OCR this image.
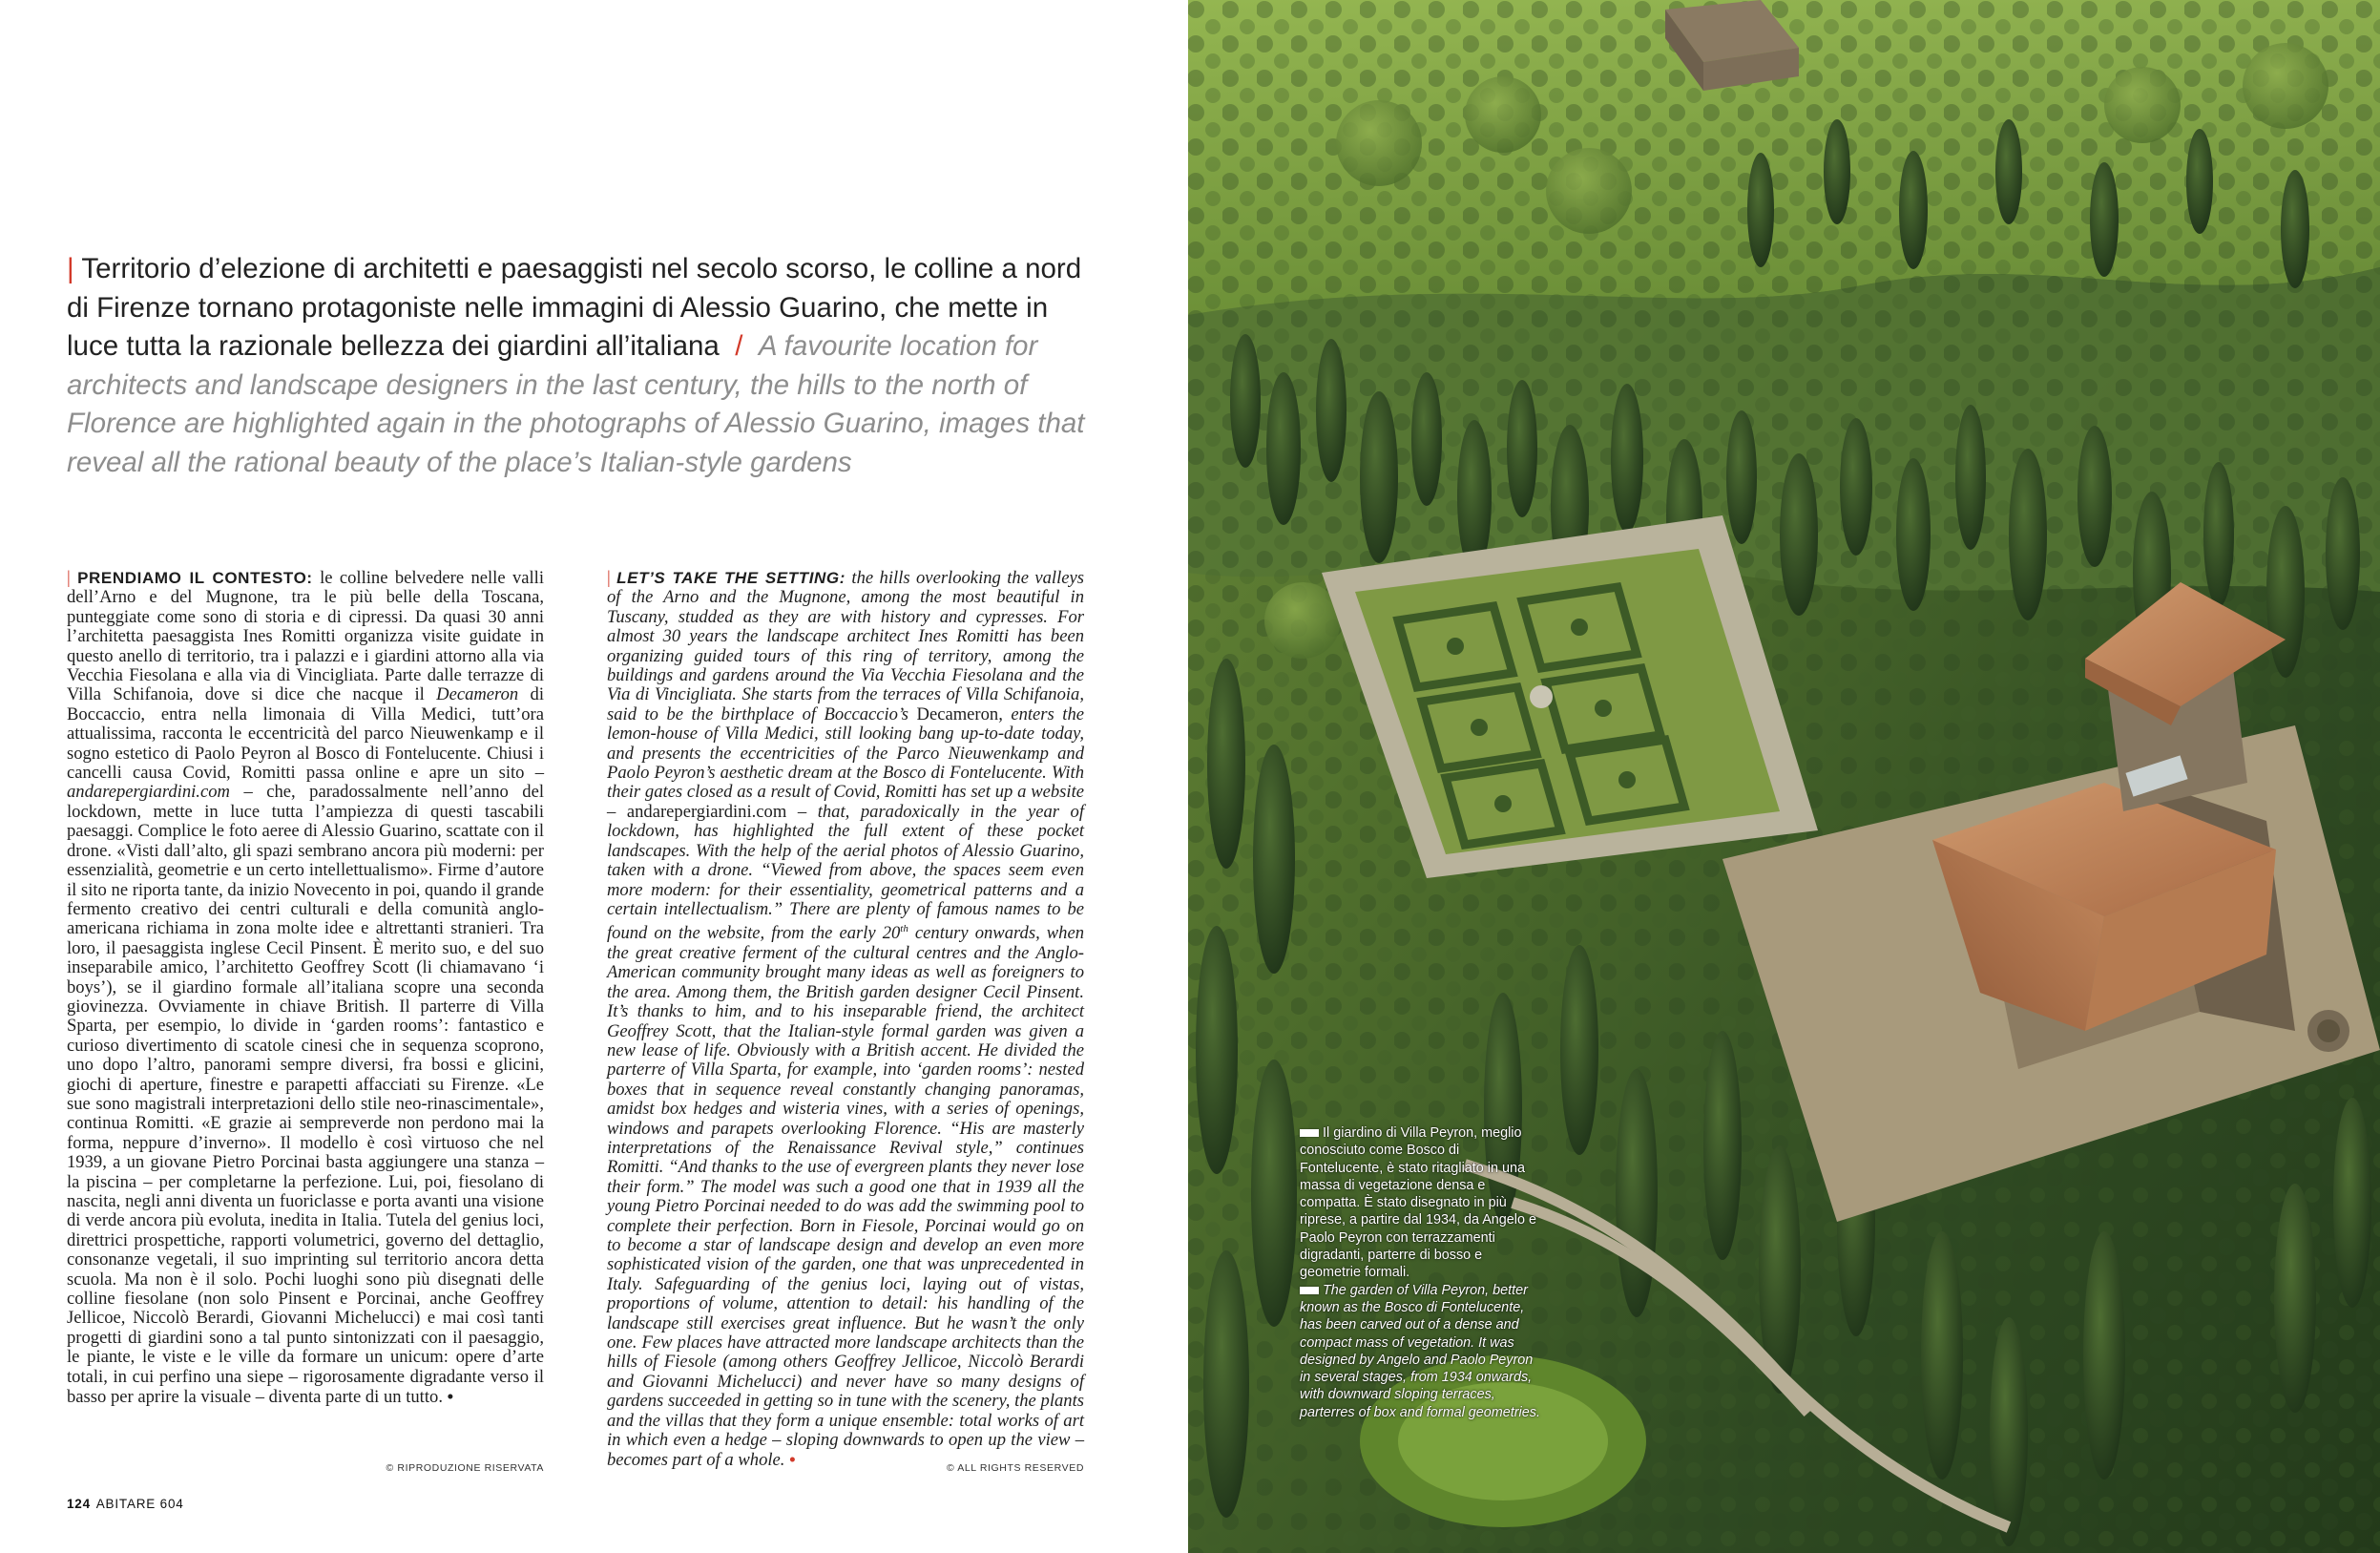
| Territorio d’elezione di architetti e paesaggisti nel secolo scorso, le colline a nord di Firenze tornano protagoniste nelle immagini di Alessio Guarino, che mette in luce tutta la razionale bellezza dei giardini all’italiana  /  A favourite location for architects and landscape designers in the last century, the hills to the north of Florence are highlighted again in the photographs of Alessio Guarino, images that reveal all the rational beauty of the place’s Italian-style gardens
| PRENDIAMO IL CONTESTO: le colline belvedere nelle valli dell’Arno e del Mugnone, tra le più belle della Toscana, punteggiate come sono di storia e di cipressi. Da quasi 30 anni l’architetta paesaggista Ines Romitti organizza visite guidate in questo anello di territorio, tra i palazzi e i giardini attorno alla via Vecchia Fiesolana e alla via di Vincigliata. Parte dalle terrazze di Villa Schifanoia, dove si dice che nacque il Decameron di Boccaccio, entra nella limonaia di Villa Medici, tutt’ora attualissima, racconta le eccentricità del parco Nieuwenkamp e il sogno estetico di Paolo Peyron al Bosco di Fontelucente. Chiusi i cancelli causa Covid, Romitti passa online e apre un sito – andarepergiardini.com – che, paradossalmente nell’anno del lockdown, mette in luce tutta l’ampiezza di questi tascabili paesaggi. Complice le foto aeree di Alessio Guarino, scattate con il drone. «Visti dall’alto, gli spazi sembrano ancora più moderni: per essenzialità, geometrie e un certo intellettualismo». Firme d’autore il sito ne riporta tante, da inizio Novecento in poi, quando il grande fermento creativo dei centri culturali e della comunità anglo-americana richiama in zona molte idee e altrettanti stranieri. Tra loro, il paesaggista inglese Cecil Pinsent. È merito suo, e del suo inseparabile amico, l’architetto Geoffrey Scott (li chiamavano ‘i boys’), se il giardino formale all’italiana scopre una seconda giovinezza. Ovviamente in chiave British. Il parterre di Villa Sparta, per esempio, lo divide in ‘garden rooms’: fantastico e curioso divertimento di scatole cinesi che in sequenza scoprono, uno dopo l’altro, panorami sempre diversi, fra bossi e glicini, giochi di aperture, finestre e parapetti affacciati su Firenze. «Le sue sono magistrali interpretazioni dello stile neo-rinascimentale», continua Romitti. «E grazie ai sempreverde non perdono mai la forma, neppure d’inverno». Il modello è così virtuoso che nel 1939, a un giovane Pietro Porcinai basta aggiungere una stanza – la piscina – per completarne la perfezione. Lui, poi, fiesolano di nascita, negli anni diventa un fuoriclasse e porta avanti una visione di verde ancora più evoluta, inedita in Italia. Tutela del genius loci, direttrici prospettiche, rapporti volumetrici, governo del dettaglio, consonanze vegetali, il suo imprinting sul territorio ancora detta scuola. Ma non è il solo. Pochi luoghi sono più disegnati delle colline fiesolane (non solo Pinsent e Porcinai, anche Geoffrey Jellicoe, Niccolò Berardi, Giovanni Michelucci) e mai così tanti progetti di giardini sono a tal punto sintonizzati con il paesaggio, le piante, le viste e le ville da formare un unicum: opere d’arte totali, in cui perfino una siepe – rigorosamente digradante verso il basso per aprire la visuale – diventa parte di un tutto. •
© RIPRODUZIONE RISERVATA
| LET’S TAKE THE SETTING: the hills overlooking the valleys of the Arno and the Mugnone, among the most beautiful in Tuscany, studded as they are with history and cypresses. For almost 30 years the landscape architect Ines Romitti has been organizing guided tours of this ring of territory, among the buildings and gardens around the Via Vecchia Fiesolana and the Via di Vincigliata. She starts from the terraces of Villa Schifanoia, said to be the birthplace of Boccaccio’s Decameron, enters the lemon-house of Villa Medici, still looking bang up-to-date today, and presents the eccentricities of the Parco Nieuwenkamp and Paolo Peyron’s aesthetic dream at the Bosco di Fontelucente. With their gates closed as a result of Covid, Romitti has set up a website – andarepergiardini.com – that, paradoxically in the year of lockdown, has highlighted the full extent of these pocket landscapes. With the help of the aerial photos of Alessio Guarino, taken with a drone. “Viewed from above, the spaces seem even more modern: for their essentiality, geometrical patterns and a certain intellectualism.” There are plenty of famous names to be found on the website, from the early 20th century onwards, when the great creative ferment of the cultural centres and the Anglo-American community brought many ideas as well as foreigners to the area. Among them, the British garden designer Cecil Pinsent. It’s thanks to him, and to his inseparable friend, the architect Geoffrey Scott, that the Italian-style formal garden was given a new lease of life. Obviously with a British accent. He divided the parterre of Villa Sparta, for example, into ‘garden rooms’: nested boxes that in sequence reveal constantly changing panoramas, amidst box hedges and wisteria vines, with a series of openings, windows and parapets overlooking Florence. “His are masterly interpretations of the Renaissance Revival style,” continues Romitti. “And thanks to the use of evergreen plants they never lose their form.” The model was such a good one that in 1939 all the young Pietro Porcinai needed to do was add the swimming pool to complete their perfection. Born in Fiesole, Porcinai would go on to become a star of landscape design and develop an even more sophisticated vision of the garden, one that was unprecedented in Italy. Safeguarding of the genius loci, laying out of vistas, proportions of volume, attention to detail: his handling of the landscape still exercises great influence. But he wasn’t the only one. Few places have attracted more landscape architects than the hills of Fiesole (among others Geoffrey Jellicoe, Niccolò Berardi and Giovanni Michelucci) and never have so many designs of gardens succeeded in getting so in tune with the scenery, the plants and the villas that they form a unique ensemble: total works of art in which even a hedge – sloping downwards to open up the view – becomes part of a whole. •	© ALL RIGHTS RESERVED
124 ABITARE 604

Il giardino di Villa Peyron, meglio conosciuto come Bosco di Fontelucente, è stato ritagliato in una massa di vegetazione densa e compatta. È stato disegnato in più riprese, a partire dal 1934, da Angelo e Paolo Peyron con terrazzamenti digradanti, parterre di bosso e geometrie formali.

The garden of Villa Peyron, better known as the Bosco di Fontelucente, has been carved out of a dense and compact mass of vegetation. It was designed by Angelo and Paolo Peyron in several stages, from 1934 onwards, with downward sloping terraces, parterres of box and formal geometries.
